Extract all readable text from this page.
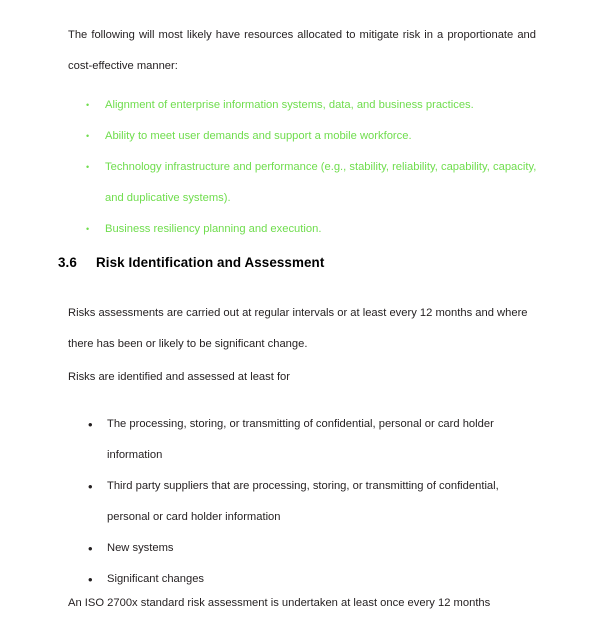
The following will most likely have resources allocated to mitigate risk in a proportionate and cost-effective manner:
• Alignment of enterprise information systems, data, and business practices.
• Ability to meet user demands and support a mobile workforce.
• Technology infrastructure and performance (e.g., stability, reliability, capability, capacity, and duplicative systems).
• Business resiliency planning and execution.
3.6 Risk Identification and Assessment
Risks assessments are carried out at regular intervals or at least every 12 months and where there has been or likely to be significant change.
Risks are identified and assessed at least for
• The processing, storing, or transmitting of confidential, personal or card holder information
• Third party suppliers that are processing, storing, or transmitting of confidential, personal or card holder information
• New systems
• Significant changes
An ISO 2700x standard risk assessment is undertaken at least once every 12 months
